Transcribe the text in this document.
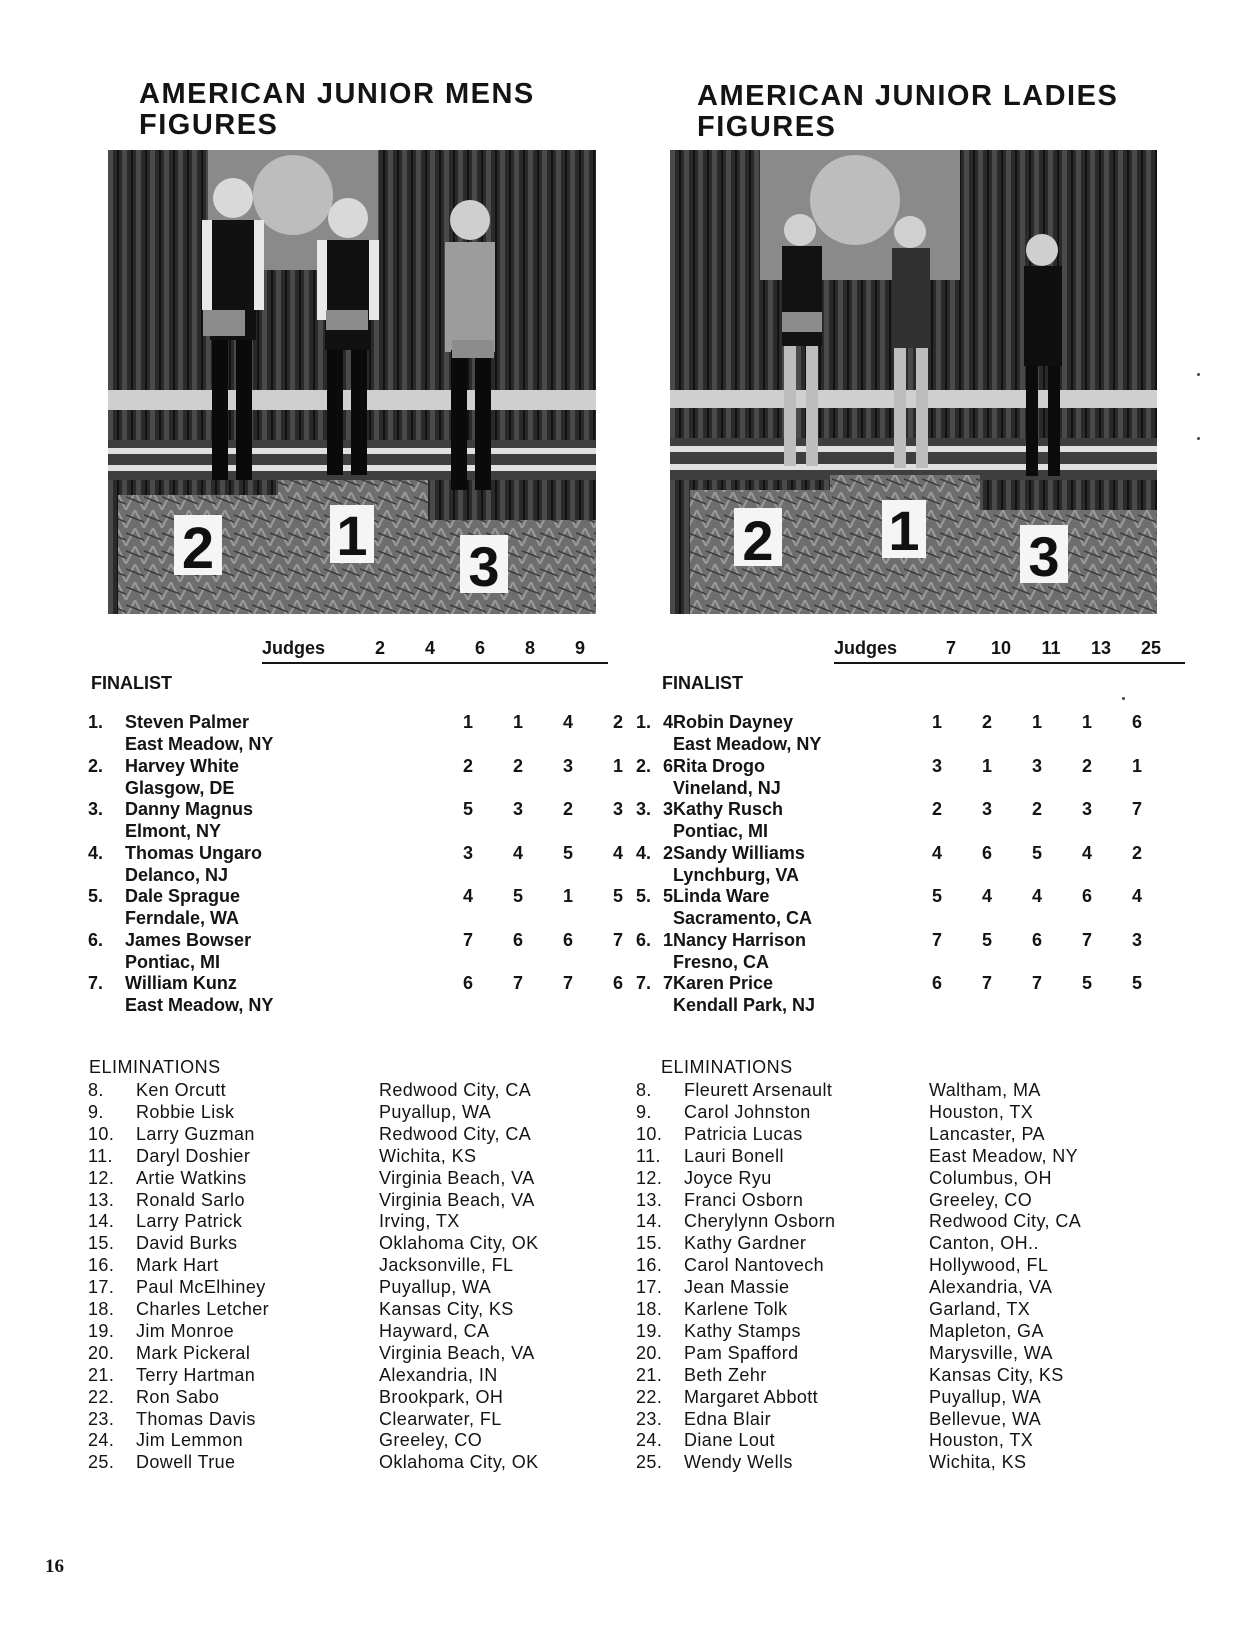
AMERICAN JUNIOR MENS
FIGURES
2 1 3
Judges	2	4	6	8	9
FINALIST
1. Steven Palmer
East Meadow, NY
1	1	4	2	4
2. Harvey White
Glasgow, DE
2	2	3	1	6
3. Danny Magnus
Elmont, NY
5	3	2	3	3
4. Thomas Ungaro
Delanco, NJ
3	4	5	4	2
5. Dale Sprague
Ferndale, WA
4	5	1	5	5
6. James Bowser
Pontiac, MI
7	6	6	7	1
7. William Kunz
East Meadow, NY
6	7	7	6	7
ELIMINATIONS
8. Ken Orcutt	Redwood City, CA
9. Robbie Lisk	Puyallup, WA
10. Larry Guzman	Redwood City, CA
11. Daryl Doshier	Wichita, KS
12. Artie Watkins	Virginia Beach, VA
13. Ronald Sarlo	Virginia Beach, VA
14. Larry Patrick	Irving, TX
15. David Burks	Oklahoma City, OK
16. Mark Hart	Jacksonville, FL
17. Paul McElhiney	Puyallup, WA
18. Charles Letcher	Kansas City, KS
19. Jim Monroe	Hayward, CA
20. Mark Pickeral	Virginia Beach, VA
21. Terry Hartman	Alexandria, IN
22. Ron Sabo	Brookpark, OH
23. Thomas Davis	Clearwater, FL
24. Jim Lemmon	Greeley, CO
25. Dowell True	Oklahoma City, OK
AMERICAN JUNIOR LADIES
FIGURES
2 1 3
Judges	7	10	11	13 25
FINALIST
1. Robin Dayney
East Meadow, NY
1	2	1	1	6
2. Rita Drogo
Vineland, NJ
3	1	3	2	1
3. Kathy Rusch
Pontiac, MI
2	3	2	3	7
4. Sandy Williams
Lynchburg, VA
4	6	5	4	2
5. Linda Ware
Sacramento, CA
5	4	4	6	4
6. Nancy Harrison
Fresno, CA
7	5	6	7	3
7. Karen Price
Kendall Park, NJ
6	7	7	5	5
ELIMINATIONS
8. Fleurett Arsenault	Waltham, MA
9. Carol Johnston	Houston, TX
10. Patricia Lucas	Lancaster, PA
11. Lauri Bonell	East Meadow, NY
12. Joyce Ryu	Columbus, OH
13. Franci Osborn	Greeley, CO
14. Cherylynn Osborn	Redwood City, CA
15. Kathy Gardner	Canton, OH..
16. Carol Nantovech	Hollywood, FL
17. Jean Massie	Alexandria, VA
18. Karlene Tolk	Garland, TX
19. Kathy Stamps	Mapleton, GA
20. Pam Spafford	Marysville, WA
21. Beth Zehr	Kansas City, KS
22. Margaret Abbott	Puyallup, WA
23. Edna Blair	Bellevue, WA
24. Diane Lout	Houston, TX
25. Wendy Wells	Wichita, KS
16
